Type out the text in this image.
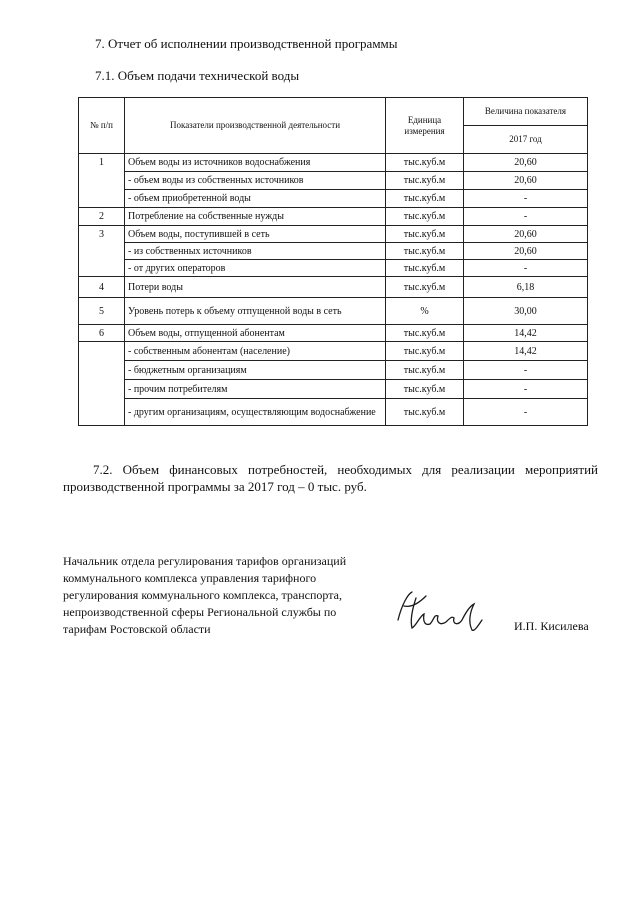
7. Отчет об исполнении производственной программы
7.1. Объем подачи технической воды
№ п/п	Показатели производственной деятельности	Единица измерения	Величина показателя
			2017 год
1	Объем воды из источников водоснабжения	тыс.куб.м	20,60
	- объем воды из собственных источников	тыс.куб.м	20,60
	- объем приобретенной воды	тыс.куб.м	-
2	Потребление на собственные нужды	тыс.куб.м	-
3	Объем воды, поступившей в сеть	тыс.куб.м	20,60
	- из собственных источников	тыс.куб.м	20,60
	- от других операторов	тыс.куб.м	-
4	Потери воды	тыс.куб.м	6,18
5	Уровень потерь к объему отпущенной воды в сеть	%	30,00
6	Объем воды, отпущенной абонентам	тыс.куб.м	14,42
	- собственным абонентам (население)	тыс.куб.м	14,42
	- бюджетным организациям	тыс.куб.м	-
	- прочим потребителям	тыс.куб.м	-
	- другим организациям, осуществляющим водоснабжение	тыс.куб.м	-
7.2. Объем финансовых потребностей, необходимых для реализации мероприятий производственной программы за 2017 год – 0 тыс. руб.
Начальник отдела регулирования тарифов организаций
коммунального комплекса управления тарифного
регулирования коммунального комплекса, транспорта,
непроизводственной сферы Региональной службы по
тарифам Ростовской области	И.П. Кисилева
